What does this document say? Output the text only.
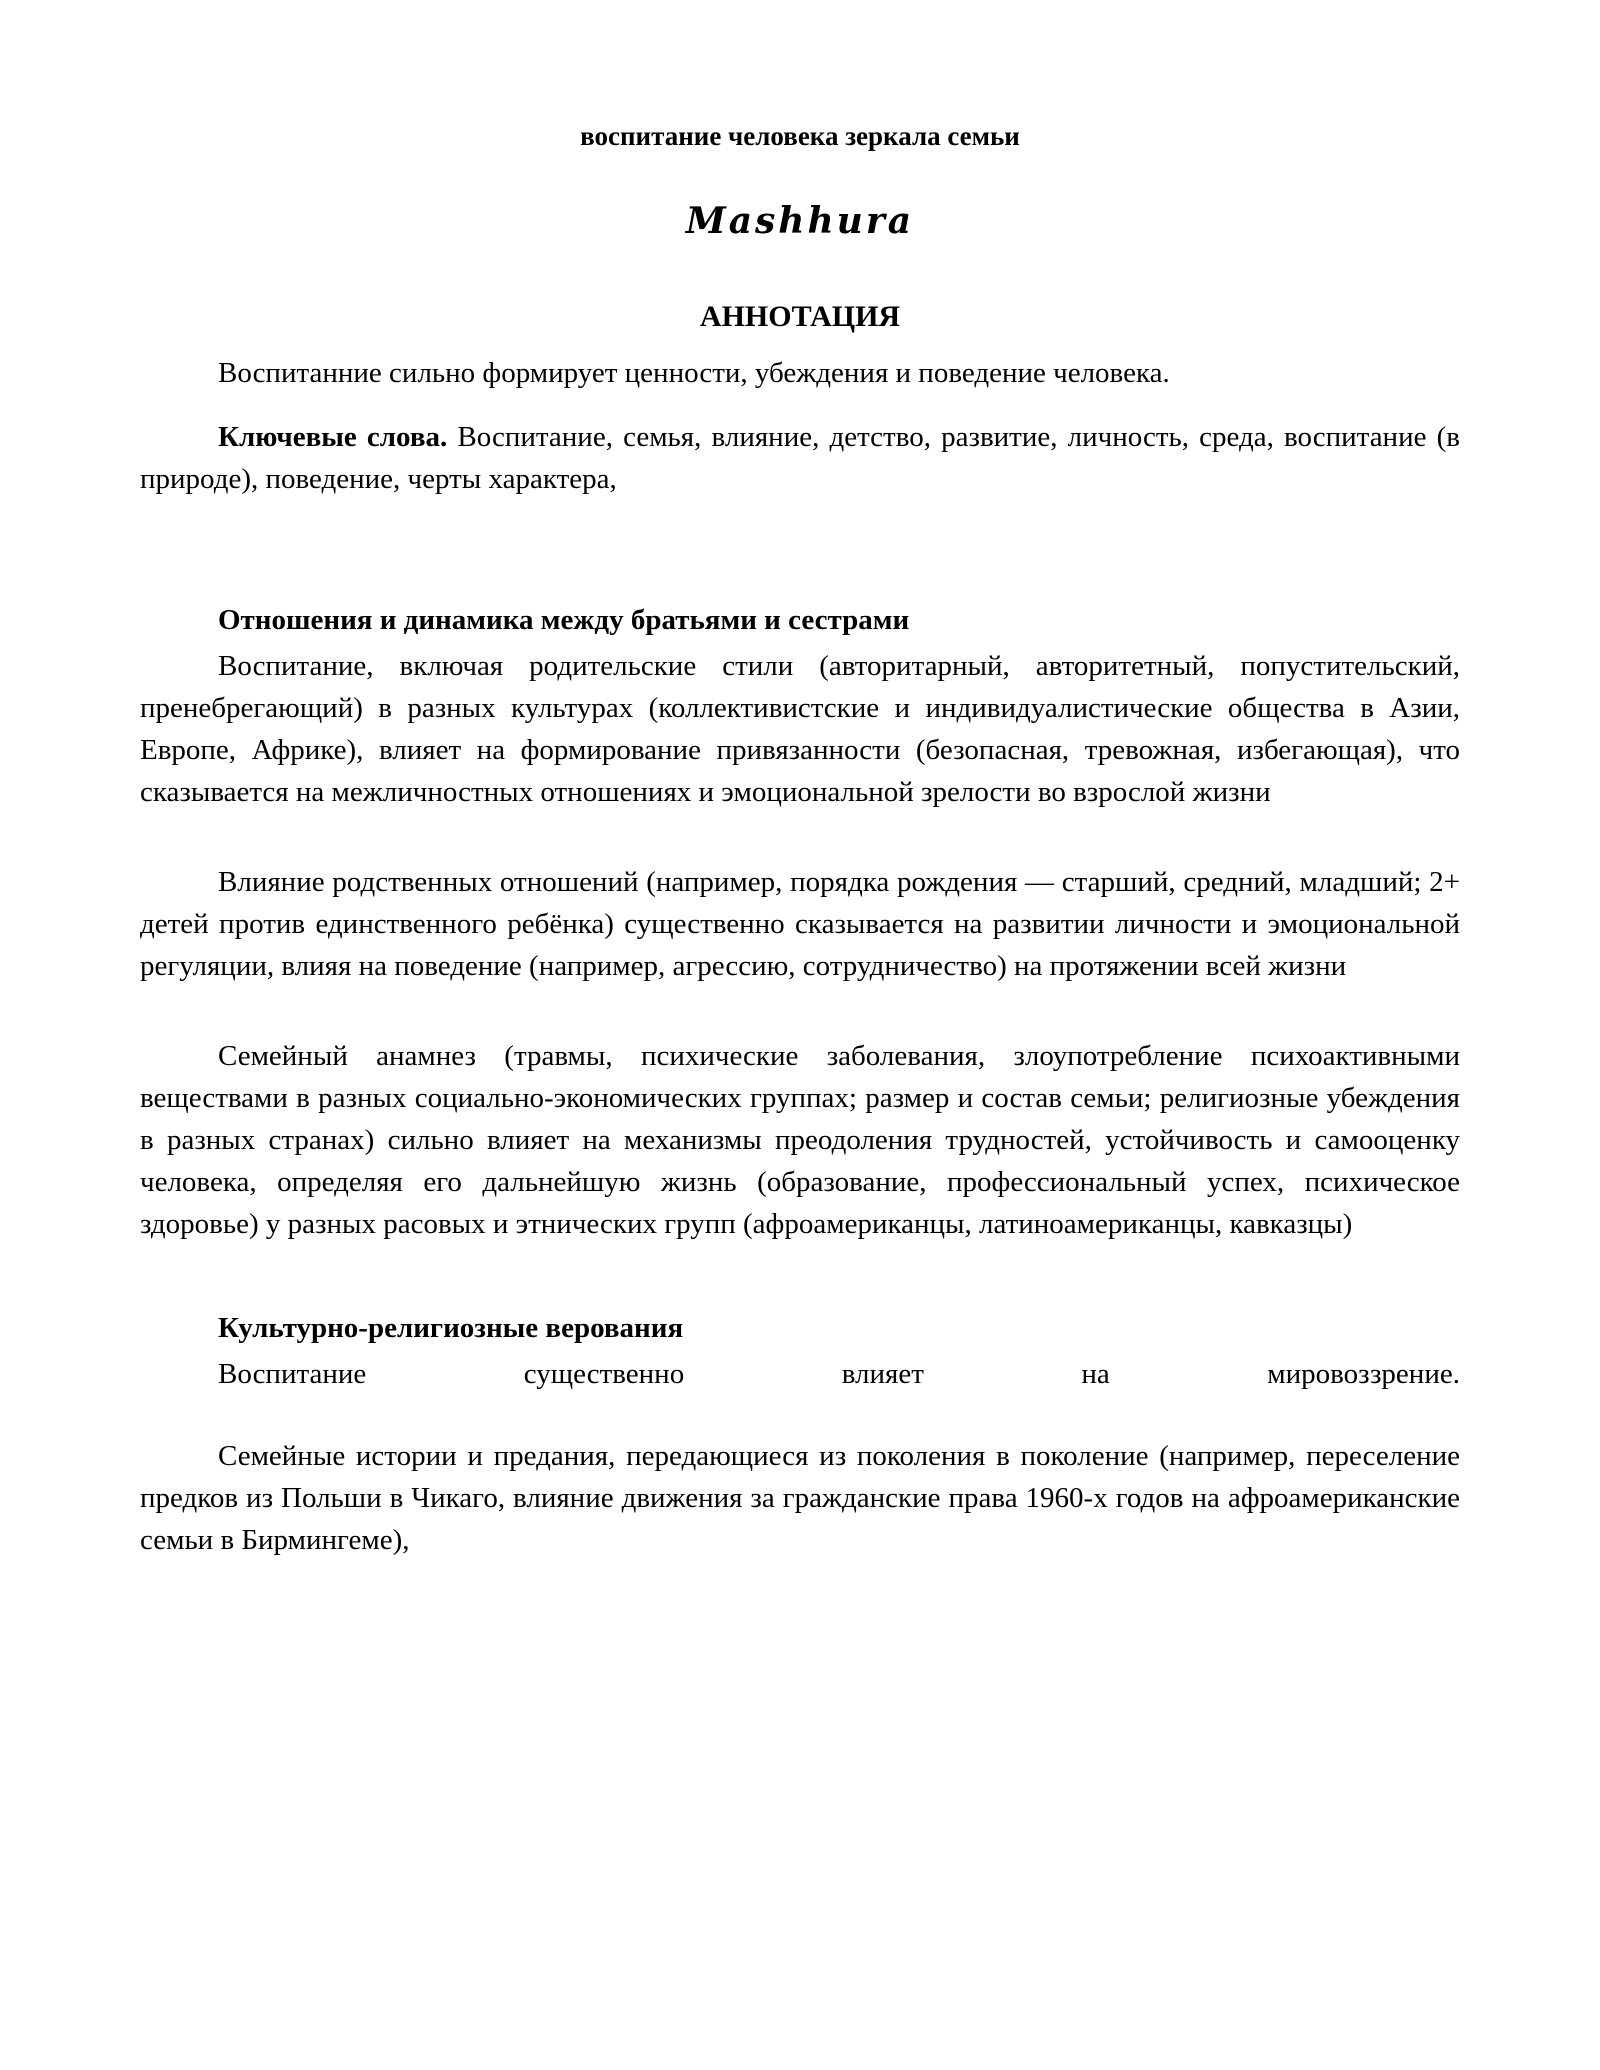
воспитание человека зеркала семьи
Mashhura
АННОТАЦИЯ

Воспитанние сильно формирует ценности, убеждения и поведение человека.

Ключевые слова. Воспитание, семья, влияние, детство, развитие, личность, среда, воспитание (в природе), поведение, черты характера,

Отношения и динамика между братьями и сестрами

Воспитание, включая родительские стили (авторитарный, авторитетный, попустительский, пренебрегающий) в разных культурах (коллективистские и индивидуалистические общества в Азии, Европе, Африке), влияет на формирование привязанности (безопасная, тревожная, избегающая), что сказывается на межличностных отношениях и эмоциональной зрелости во взрослой жизни

Влияние родственных отношений (например, порядка рождения — старший, средний, младший; 2+ детей против единственного ребёнка) существенно сказывается на развитии личности и эмоциональной регуляции, влияя на поведение (например, агрессию, сотрудничество) на протяжении всей жизни

Семейный анамнез (травмы, психические заболевания, злоупотребление психоактивными веществами в разных социально-экономических группах; размер и состав семьи; религиозные убеждения в разных странах) сильно влияет на механизмы преодоления трудностей, устойчивость и самооценку человека, определяя его дальнейшую жизнь (образование, профессиональный успех, психическое здоровье) у разных расовых и этнических групп (афроамериканцы, латиноамериканцы, кавказцы)

Культурно-религиозные верования
Воспитание	существенно	влияет	на	мировоззрение.

Семейные истории и предания, передающиеся из поколения в поколение (например, переселение предков из Польши в Чикаго, влияние движения за гражданские права 1960-х годов на афроамериканские семьи в Бирмингеме),
